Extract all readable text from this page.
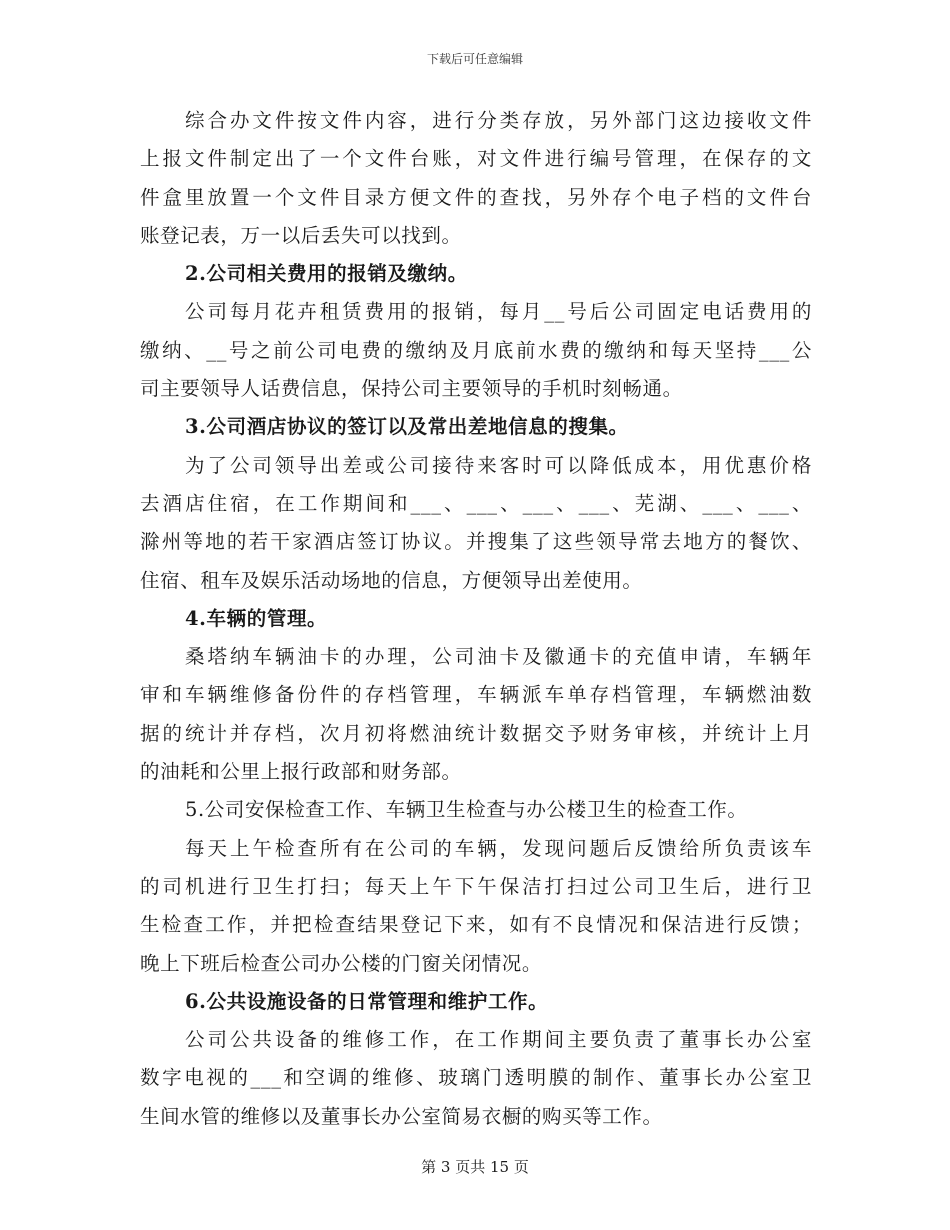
下载后可任意编辑
综合办文件按文件内容，进行分类存放，另外部门这边接收文件
上报文件制定出了一个文件台账，对文件进行编号管理，在保存的文
件盒里放置一个文件目录方便文件的查找，另外存个电子档的文件台
账登记表，万一以后丢失可以找到。
2.公司相关费用的报销及缴纳。
公司每月花卉租赁费用的报销，每月__号后公司固定电话费用的
缴纳、__号之前公司电费的缴纳及月底前水费的缴纳和每天坚持___公
司主要领导人话费信息，保持公司主要领导的手机时刻畅通。
3.公司酒店协议的签订以及常出差地信息的搜集。
为了公司领导出差或公司接待来客时可以降低成本，用优惠价格
去酒店住宿，在工作期间和___、___、___、___、芜湖、___、___、
滁州等地的若干家酒店签订协议。并搜集了这些领导常去地方的餐饮、
住宿、租车及娱乐活动场地的信息，方便领导出差使用。
4.车辆的管理。
桑塔纳车辆油卡的办理，公司油卡及徽通卡的充值申请，车辆年
审和车辆维修备份件的存档管理，车辆派车单存档管理，车辆燃油数
据的统计并存档，次月初将燃油统计数据交予财务审核，并统计上月
的油耗和公里上报行政部和财务部。
5.公司安保检查工作、车辆卫生检查与办公楼卫生的检查工作。
每天上午检查所有在公司的车辆，发现问题后反馈给所负责该车
的司机进行卫生打扫；每天上午下午保洁打扫过公司卫生后，进行卫
生检查工作，并把检查结果登记下来，如有不良情况和保洁进行反馈；
晚上下班后检查公司办公楼的门窗关闭情况。
6.公共设施设备的日常管理和维护工作。
公司公共设备的维修工作，在工作期间主要负责了董事长办公室
数字电视的___和空调的维修、玻璃门透明膜的制作、董事长办公室卫
生间水管的维修以及董事长办公室简易衣橱的购买等工作。
第 3 页共 15 页
